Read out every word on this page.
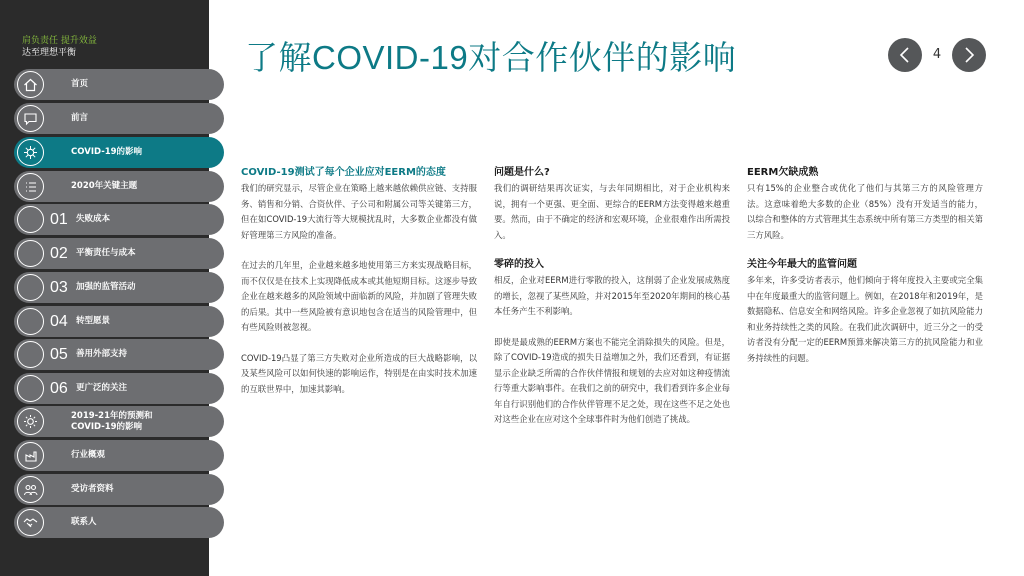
肩负责任 提升效益
达至理想平衡
首页
前言
COVID-19的影响
2020年关键主题
01 失败成本
02 平衡责任与成本
03 加强的监管活动
04 转型愿景
05 善用外部支持
06 更广泛的关注
2019-21年的预测和
COVID-19的影响
行业概观
受访者资料
联系人
了解COVID-19对合作伙伴的影响	4
COVID-19测试了每个企业应对EERM的态度

我们的研究显示，尽管企业在策略上越来越依赖供应链、支持服务、销售和分销、合资伙伴、子公司和附属公司等关键第三方，但在如COVID-19大流行等大规模扰乱时，大多数企业都没有做好管理第三方风险的准备。

在过去的几年里，企业越来越多地使用第三方来实现战略目标，而不仅仅是在技术上实现降低成本或其他短期目标。这逐步导致企业在越来越多的风险领域中面临新的风险，并加剧了管理失败的后果。其中一些风险被有意识地包含在适当的风险管理中，但有些风险则被忽视。

COVID-19凸显了第三方失败对企业所造成的巨大战略影响，以及某些风险可以如何快速的影响运作，特别是在由实时技术加速的互联世界中，加速其影响。

问题是什么?

我们的调研结果再次证实，与去年同期相比，对于企业机构来说，拥有一个更强、更全面、更综合的EERM方法变得越来越重要。然而，由于不确定的经济和宏观环境，企业很难作出所需投入。

零碎的投入

相反，企业对EERM进行零散的投入，这削弱了企业发展成熟度的增长，忽视了某些风险，并对2015年至2020年期间的核心基本任务产生不利影响。

即使是最成熟的EERM方案也不能完全消除损失的风险。但是，除了COVID-19造成的损失日益增加之外，我们还看到，有证据显示企业缺乏所需的合作伙伴情报和规划的去应对如这种疫情流行等重大影响事件。在我们之前的研究中，我们看到许多企业每年自行识别他们的合作伙伴管理不足之处，现在这些不足之处也对这些企业在应对这个全球事件时为他们创造了挑战。

EERM欠缺成熟

只有15%的企业整合或优化了他们与其第三方的风险管理方法。这意味着绝大多数的企业（85%）没有开发适当的能力，以综合和整体的方式管理其生态系统中所有第三方类型的相关第三方风险。

关注今年最大的监管问题

多年来，许多受访者表示，他们倾向于将年度投入主要或完全集中在年度最重大的监管问题上。例如，在2018年和2019年，是数据隐私、信息安全和网络风险。许多企业忽视了如抗风险能力和业务持续性之类的风险。在我们此次调研中，近三分之一的受访者没有分配一定的EERM预算来解决第三方的抗风险能力和业务持续性的问题。
